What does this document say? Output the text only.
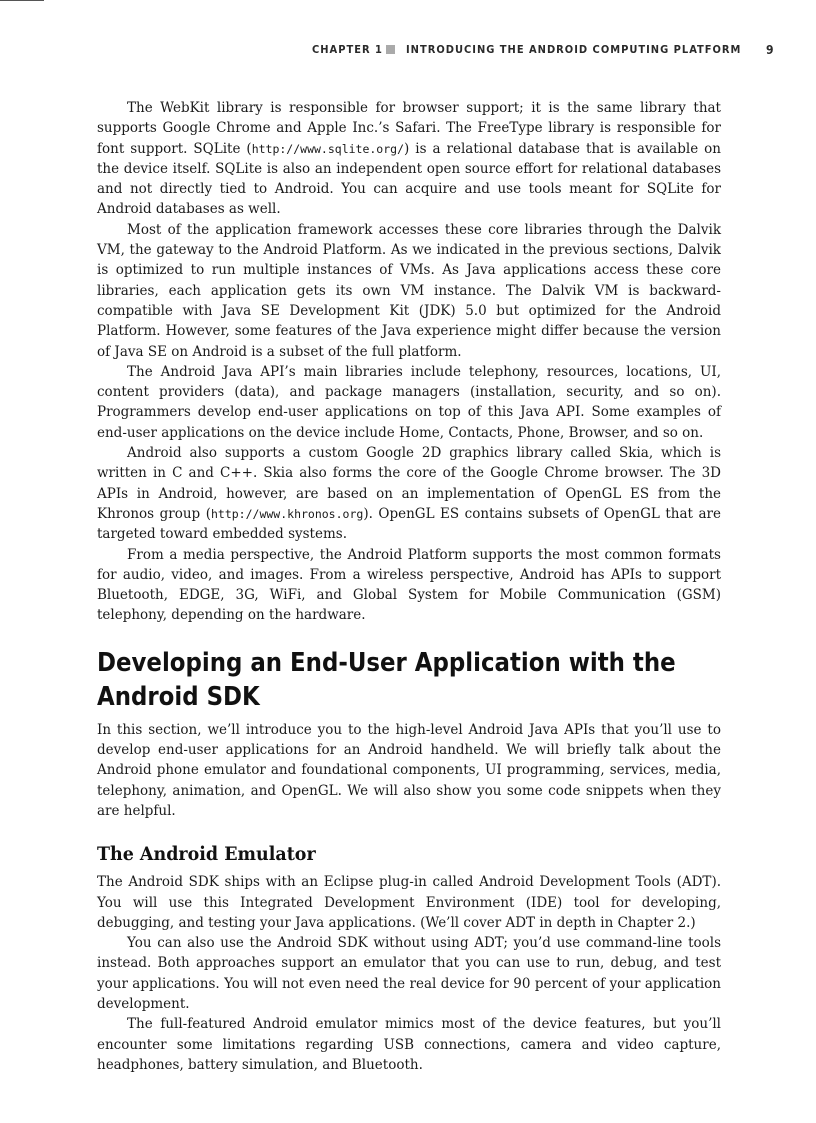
CHAPTER 1 INTRODUCING THE ANDROID COMPUTING PLATFORM 9

The WebKit library is responsible for browser support; it is the same library that supports Google Chrome and Apple Inc.’s Safari. The FreeType library is responsible for font support. SQLite (http://www.sqlite.org/) is a relational database that is available on the device itself. SQLite is also an independent open source effort for relational databases and not directly tied to Android. You can acquire and use tools meant for SQLite for Android databases as well.

Most of the application framework accesses these core libraries through the Dalvik VM, the gateway to the Android Platform. As we indicated in the previous sections, Dalvik is optimized to run multiple instances of VMs. As Java applications access these core libraries, each application gets its own VM instance. The Dalvik VM is backward-compatible with Java SE Development Kit (JDK) 5.0 but optimized for the Android Platform. However, some features of the Java experience might differ because the version of Java SE on Android is a subset of the full platform.

The Android Java API’s main libraries include telephony, resources, locations, UI, content providers (data), and package managers (installation, security, and so on). Programmers develop end-user applications on top of this Java API. Some examples of end-user applications on the device include Home, Contacts, Phone, Browser, and so on.

Android also supports a custom Google 2D graphics library called Skia, which is written in C and C++. Skia also forms the core of the Google Chrome browser. The 3D APIs in Android, however, are based on an implementation of OpenGL ES from the Khronos group (http://www.khronos.org). OpenGL ES contains subsets of OpenGL that are targeted toward embedded systems.

From a media perspective, the Android Platform supports the most common formats for audio, video, and images. From a wireless perspective, Android has APIs to support Bluetooth, EDGE, 3G, WiFi, and Global System for Mobile Communication (GSM) telephony, depending on the hardware.

Developing an End-User Application with the Android SDK

In this section, we’ll introduce you to the high-level Android Java APIs that you’ll use to develop end-user applications for an Android handheld. We will briefly talk about the Android phone emulator and foundational components, UI programming, services, media, telephony, animation, and OpenGL. We will also show you some code snippets when they are helpful.

The Android Emulator

The Android SDK ships with an Eclipse plug-in called Android Development Tools (ADT). You will use this Integrated Development Environment (IDE) tool for developing, debugging, and testing your Java applications. (We’ll cover ADT in depth in Chapter 2.)

You can also use the Android SDK without using ADT; you’d use command-line tools instead. Both approaches support an emulator that you can use to run, debug, and test your applications. You will not even need the real device for 90 percent of your application development.

The full-featured Android emulator mimics most of the device features, but you’ll encounter some limitations regarding USB connections, camera and video capture, headphones, battery simulation, and Bluetooth.
